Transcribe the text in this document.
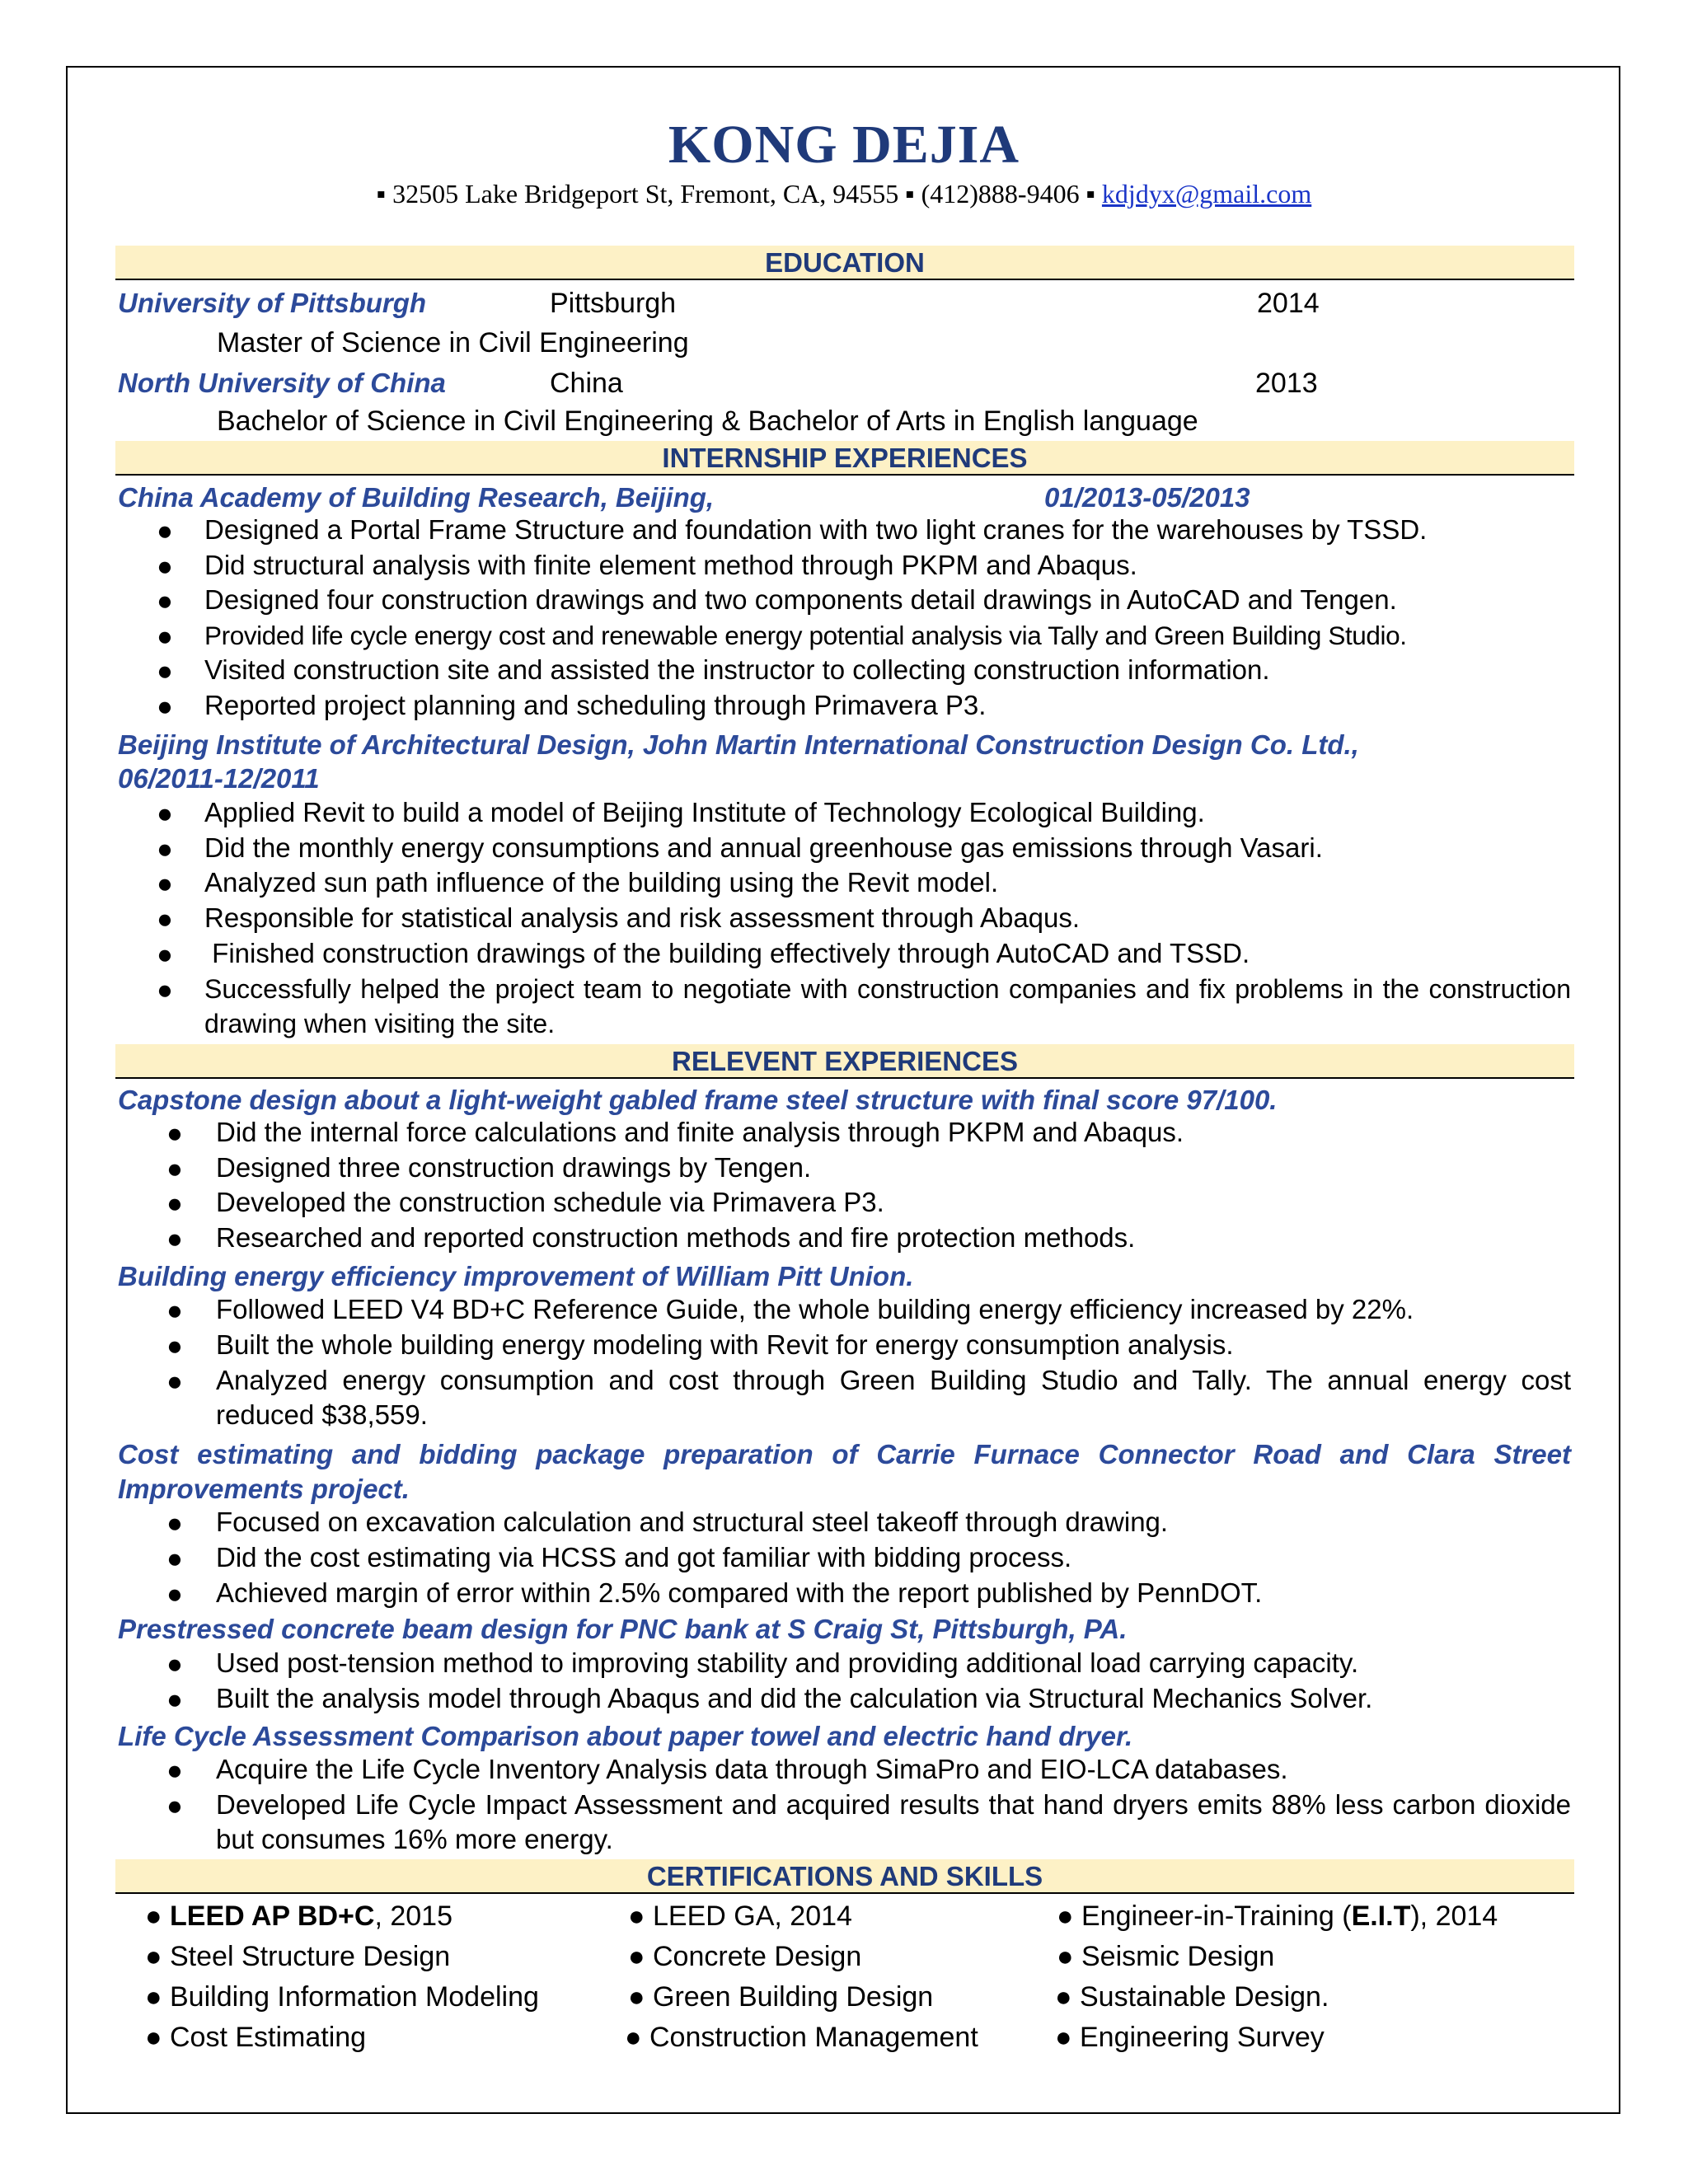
KONG DEJIA
▪ 32505 Lake Bridgeport St, Fremont, CA, 94555 ▪ (412)888-9406 ▪ kdjdyx@gmail.com
EDUCATION
University of Pittsburgh	Pittsburgh	2014
Master of Science in Civil Engineering
North University of China	China	2013
Bachelor of Science in Civil Engineering & Bachelor of Arts in English language
INTERNSHIP EXPERIENCES
China Academy of Building Research, Beijing,	01/2013-05/2013
● Designed a Portal Frame Structure and foundation with two light cranes for the warehouses by TSSD.
● Did structural analysis with finite element method through PKPM and Abaqus.
● Designed four construction drawings and two components detail drawings in AutoCAD and Tengen.
● Provided life cycle energy cost and renewable energy potential analysis via Tally and Green Building Studio.
● Visited construction site and assisted the instructor to collecting construction information.
● Reported project planning and scheduling through Primavera P3.
Beijing Institute of Architectural Design, John Martin International Construction Design Co. Ltd.,
06/2011-12/2011
● Applied Revit to build a model of Beijing Institute of Technology Ecological Building.
● Did the monthly energy consumptions and annual greenhouse gas emissions through Vasari.
● Analyzed sun path influence of the building using the Revit model.
● Responsible for statistical analysis and risk assessment through Abaqus.
● Finished construction drawings of the building effectively through AutoCAD and TSSD.
● Successfully helped the project team to negotiate with construction companies and fix problems in the construction drawing when visiting the site.
RELEVENT EXPERIENCES
Capstone design about a light-weight gabled frame steel structure with final score 97/100.
● Did the internal force calculations and finite analysis through PKPM and Abaqus.
● Designed three construction drawings by Tengen.
● Developed the construction schedule via Primavera P3.
● Researched and reported construction methods and fire protection methods.
Building energy efficiency improvement of William Pitt Union.
● Followed LEED V4 BD+C Reference Guide, the whole building energy efficiency increased by 22%.
● Built the whole building energy modeling with Revit for energy consumption analysis.
● Analyzed energy consumption and cost through Green Building Studio and Tally. The annual energy cost reduced $38,559.
Cost estimating and bidding package preparation of Carrie Furnace Connector Road and Clara Street Improvements project.
● Focused on excavation calculation and structural steel takeoff through drawing.
● Did the cost estimating via HCSS and got familiar with bidding process.
● Achieved margin of error within 2.5% compared with the report published by PennDOT.
Prestressed concrete beam design for PNC bank at S Craig St, Pittsburgh, PA.
● Used post-tension method to improving stability and providing additional load carrying capacity.
● Built the analysis model through Abaqus and did the calculation via Structural Mechanics Solver.
Life Cycle Assessment Comparison about paper towel and electric hand dryer.
● Acquire the Life Cycle Inventory Analysis data through SimaPro and EIO-LCA databases.
● Developed Life Cycle Impact Assessment and acquired results that hand dryers emits 88% less carbon dioxide but consumes 16% more energy.
CERTIFICATIONS AND SKILLS
● LEED AP BD+C, 2015	● LEED GA, 2014	● Engineer-in-Training (E.I.T), 2014
● Steel Structure Design	● Concrete Design	● Seismic Design
● Building Information Modeling	● Green Building Design	● Sustainable Design.
● Cost Estimating	● Construction Management	● Engineering Survey
